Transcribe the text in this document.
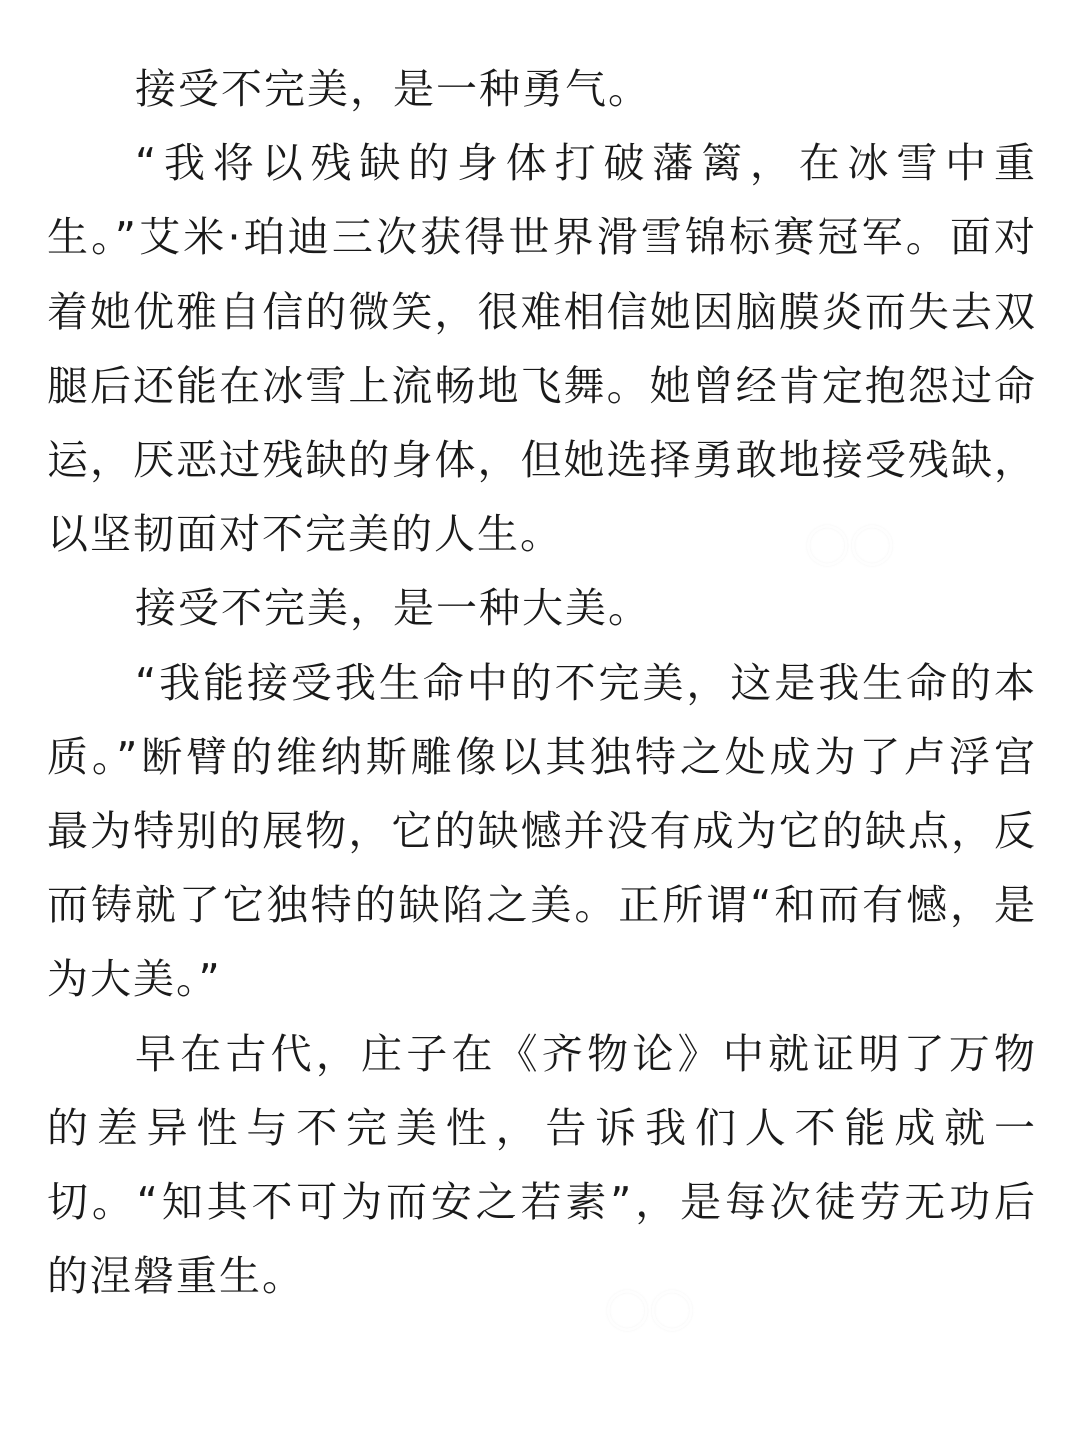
接受不完美，是一种勇气。

“我将以残缺的身体打破藩篱，在冰雪中重生。”艾米·珀迪三次获得世界滑雪锦标赛冠军。面对着她优雅自信的微笑，很难相信她因脑膜炎而失去双腿后还能在冰雪上流畅地飞舞。她曾经肯定抱怨过命运，厌恶过残缺的身体，但她选择勇敢地接受残缺，以坚韧面对不完美的人生。

接受不完美，是一种大美。

“我能接受我生命中的不完美，这是我生命的本质。”断臂的维纳斯雕像以其独特之处成为了卢浮宫最为特别的展物，它的缺憾并没有成为它的缺点，反而铸就了它独特的缺陷之美。正所谓“和而有憾，是为大美。”

早在古代，庄子在《齐物论》中就证明了万物的差异性与不完美性，告诉我们人不能成就一切。“知其不可为而安之若素”，是每次徒劳无功后的涅磐重生。

◯◯
◯◯
